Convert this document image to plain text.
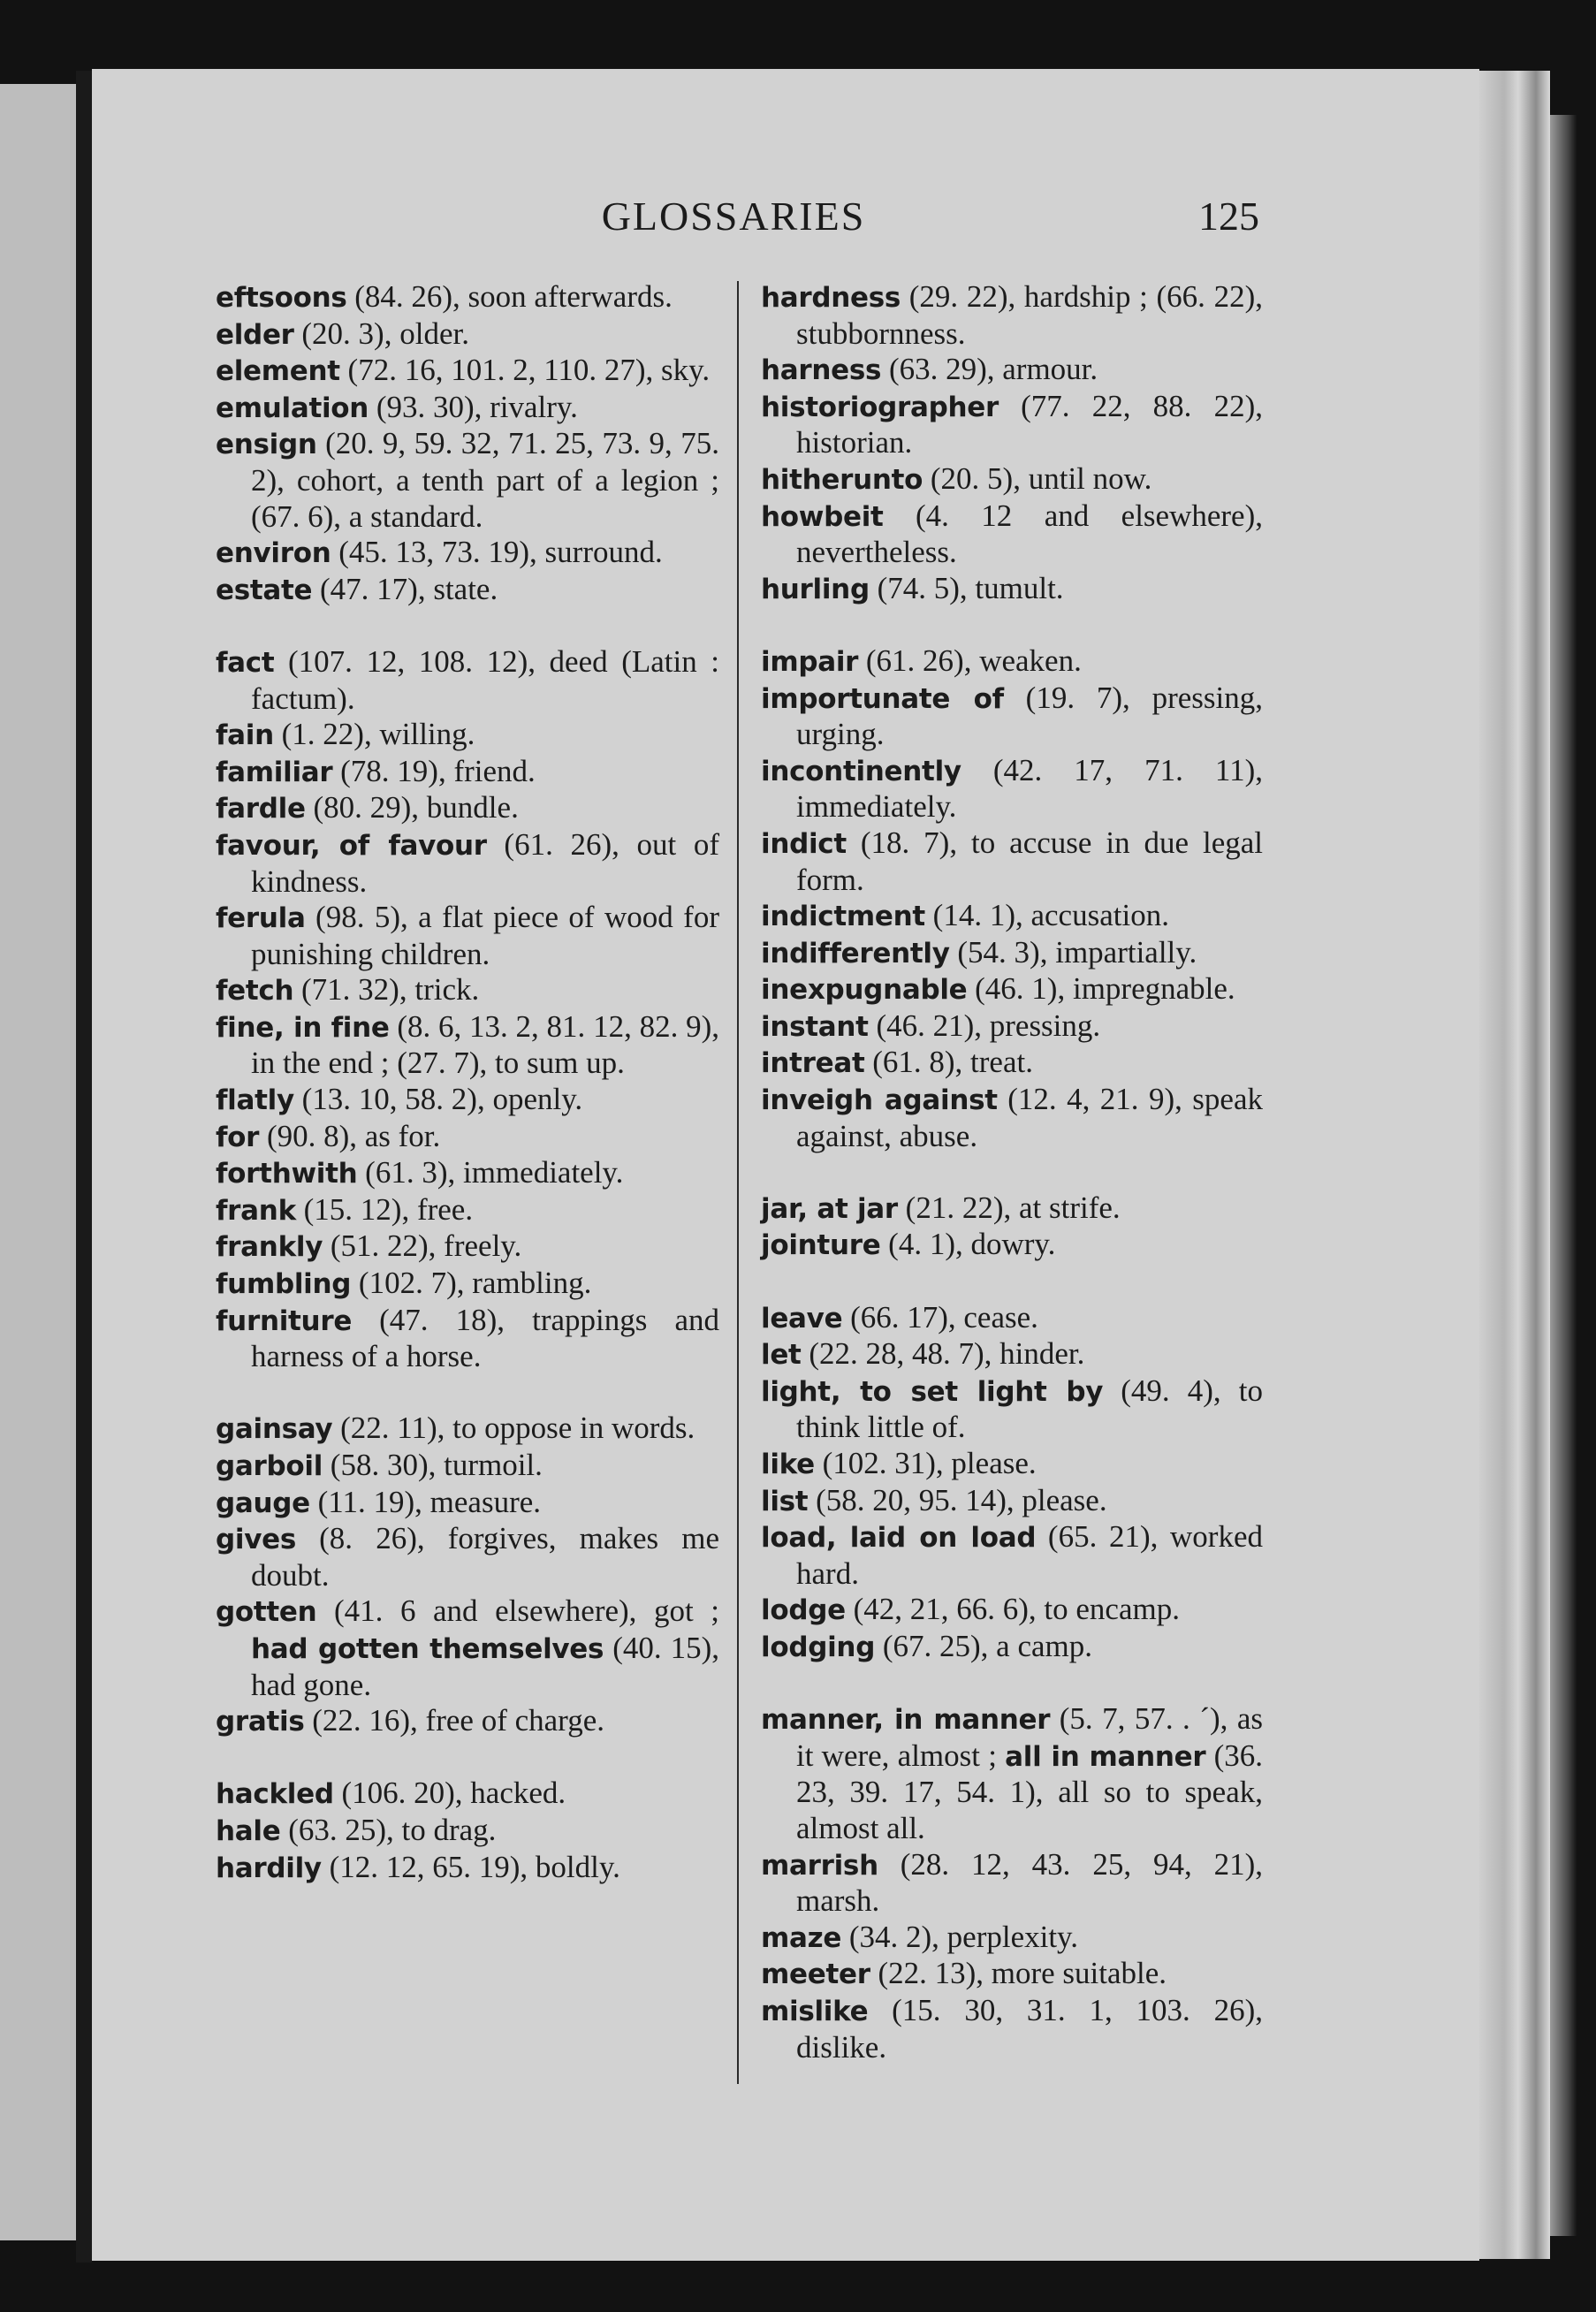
GLOSSARIES	125
eftsoons (84. 26), soon afterwards.
elder (20. 3), older.
element (72. 16, 101. 2, 110. 27), sky.
emulation (93. 30), rivalry.
ensign (20. 9, 59. 32, 71. 25, 73. 9, 75. 2), cohort, a tenth part of a legion ; (67. 6), a standard.
environ (45. 13, 73. 19), surround.
estate (47. 17), state.
fact (107. 12, 108. 12), deed (Latin : factum).
fain (1. 22), willing.
familiar (78. 19), friend.
fardle (80. 29), bundle.
favour, of favour (61. 26), out of kindness.
ferula (98. 5), a flat piece of wood for punishing children.
fetch (71. 32), trick.
fine, in fine (8. 6, 13. 2, 81. 12, 82. 9), in the end ; (27. 7), to sum up.
flatly (13. 10, 58. 2), openly.
for (90. 8), as for.
forthwith (61. 3), immediately.
frank (15. 12), free.
frankly (51. 22), freely.
fumbling (102. 7), rambling.
furniture (47. 18), trappings and harness of a horse.
gainsay (22. 11), to oppose in words.
garboil (58. 30), turmoil.
gauge (11. 19), measure.
gives (8. 26), forgives, makes me doubt.
gotten (41. 6 and elsewhere), got ; had gotten themselves (40. 15), had gone.
gratis (22. 16), free of charge.
hackled (106. 20), hacked.
hale (63. 25), to drag.
hardily (12. 12, 65. 19), boldly.
hardness (29. 22), hardship ; (66. 22), stubbornness.
harness (63. 29), armour.
historiographer (77. 22, 88. 22), historian.
hitherunto (20. 5), until now.
howbeit (4. 12 and elsewhere), nevertheless.
hurling (74. 5), tumult.
impair (61. 26), weaken.
importunate of (19. 7), pressing, urging.
incontinently (42. 17, 71. 11), immediately.
indict (18. 7), to accuse in due legal form.
indictment (14. 1), accusation.
indifferently (54. 3), impartially.
inexpugnable (46. 1), impregnable.
instant (46. 21), pressing.
intreat (61. 8), treat.
inveigh against (12. 4, 21. 9), speak against, abuse.
jar, at jar (21. 22), at strife.
jointure (4. 1), dowry.
leave (66. 17), cease.
let (22. 28, 48. 7), hinder.
light, to set light by (49. 4), to think little of.
like (102. 31), please.
list (58. 20, 95. 14), please.
load, laid on load (65. 21), worked hard.
lodge (42, 21, 66. 6), to encamp.
lodging (67. 25), a camp.
manner, in manner (5. 7, 57. . ´), as it were, almost ; all in manner (36. 23, 39. 17, 54. 1), all so to speak, almost all.
marrish (28. 12, 43. 25, 94, 21), marsh.
maze (34. 2), perplexity.
meeter (22. 13), more suitable.
mislike (15. 30, 31. 1, 103. 26), dislike.
